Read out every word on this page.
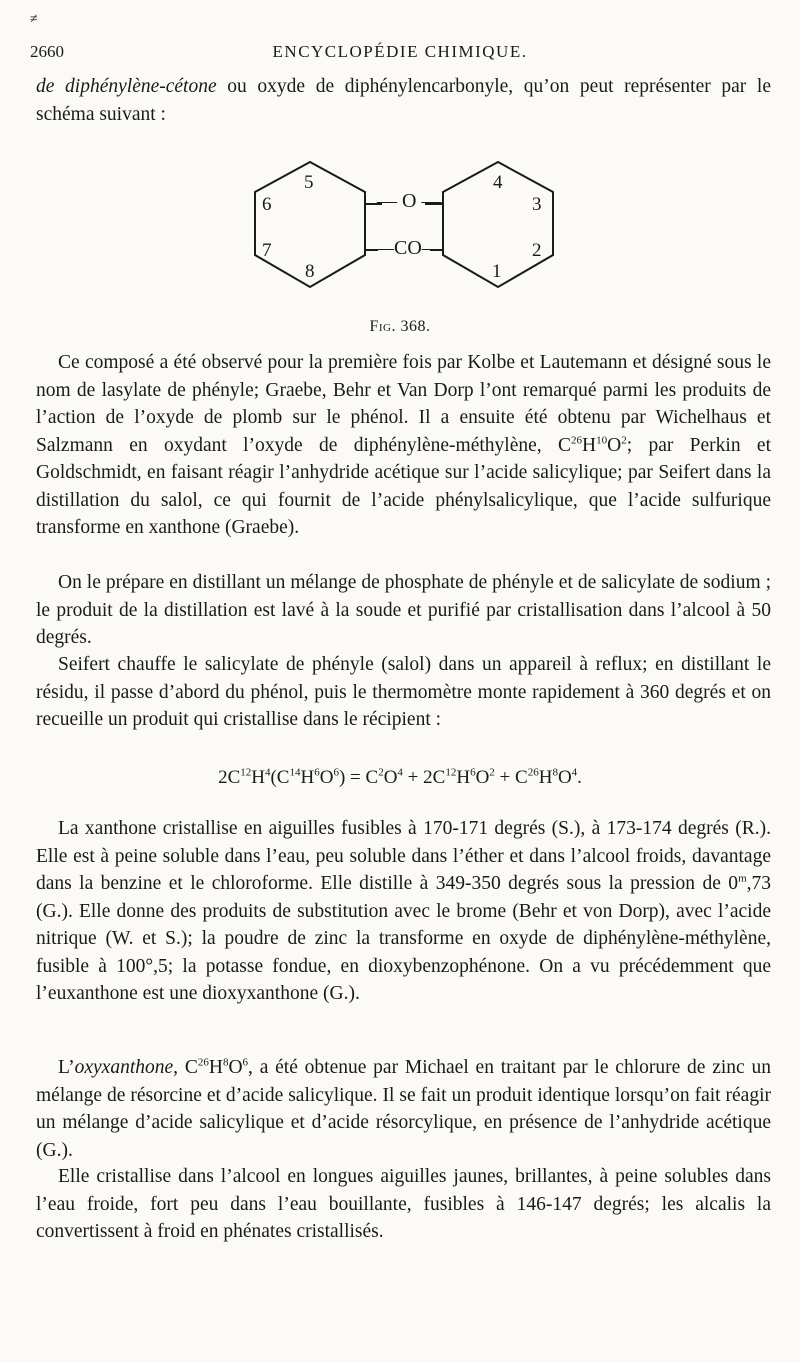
≠
2660	ENCYCLOPÉDIE CHIMIQUE.

de diphénylène-cétone ou oxyde de diphénylencarbonyle, qu’on peut représenter par le schéma suivant :

5
6
7
8
4
3
2
1
— O —
—CO—
Fig. 368.

Ce composé a été observé pour la première fois par Kolbe et Lautemann et désigné sous le nom de lasylate de phényle; Graebe, Behr et Van Dorp l’ont remarqué parmi les produits de l’action de l’oxyde de plomb sur le phénol. Il a ensuite été obtenu par Wichelhaus et Salzmann en oxydant l’oxyde de diphénylène-méthylène, $C^{26}H^{10}O^2$; par Perkin et Goldschmidt, en faisant réagir l’anhydride acétique sur l’acide salicylique; par Seifert dans la distillation du salol, ce qui fournit de l’acide phénylsalicylique, que l’acide sulfurique transforme en xanthone (Graebe).

On le prépare en distillant un mélange de phosphate de phényle et de salicylate de sodium ; le produit de la distillation est lavé à la soude et purifié par cristallisation dans l’alcool à 50 degrés.

Seifert chauffe le salicylate de phényle (salol) dans un appareil à reflux; en distillant le résidu, il passe d’abord du phénol, puis le thermomètre monte rapidement à 360 degrés et on recueille un produit qui cristallise dans le récipient :

$2C^{12}H^4(C^{14}H^6O^6) = C^2O^4 + 2C^{12}H^6O^2 + C^{26}H^8O^4$.

La xanthone cristallise en aiguilles fusibles à 170-171 degrés (S.), à 173-174 degrés (R.). Elle est à peine soluble dans l’eau, peu soluble dans l’éther et dans l’alcool froids, davantage dans la benzine et le chloroforme. Elle distille à 349-350 degrés sous la pression de 0$^m$,73 (G.). Elle donne des produits de substitution avec le brome (Behr et von Dorp), avec l’acide nitrique (W. et S.); la poudre de zinc la transforme en oxyde de diphénylène-méthylène, fusible à 100°,5; la potasse fondue, en dioxybenzophénone. On a vu précédemment que l’euxanthone est une dioxyxanthone (G.).

L’oxyxanthone, $C^{26}H^8O^6$, a été obtenue par Michael en traitant par le chlorure de zinc un mélange de résorcine et d’acide salicylique. Il se fait un produit identique lorsqu’on fait réagir un mélange d’acide salicylique et d’acide résorcylique, en présence de l’anhydride acétique (G.).

Elle cristallise dans l’alcool en longues aiguilles jaunes, brillantes, à peine solubles dans l’eau froide, fort peu dans l’eau bouillante, fusibles à 146-147 degrés; les alcalis la convertissent à froid en phénates cristallisés.
